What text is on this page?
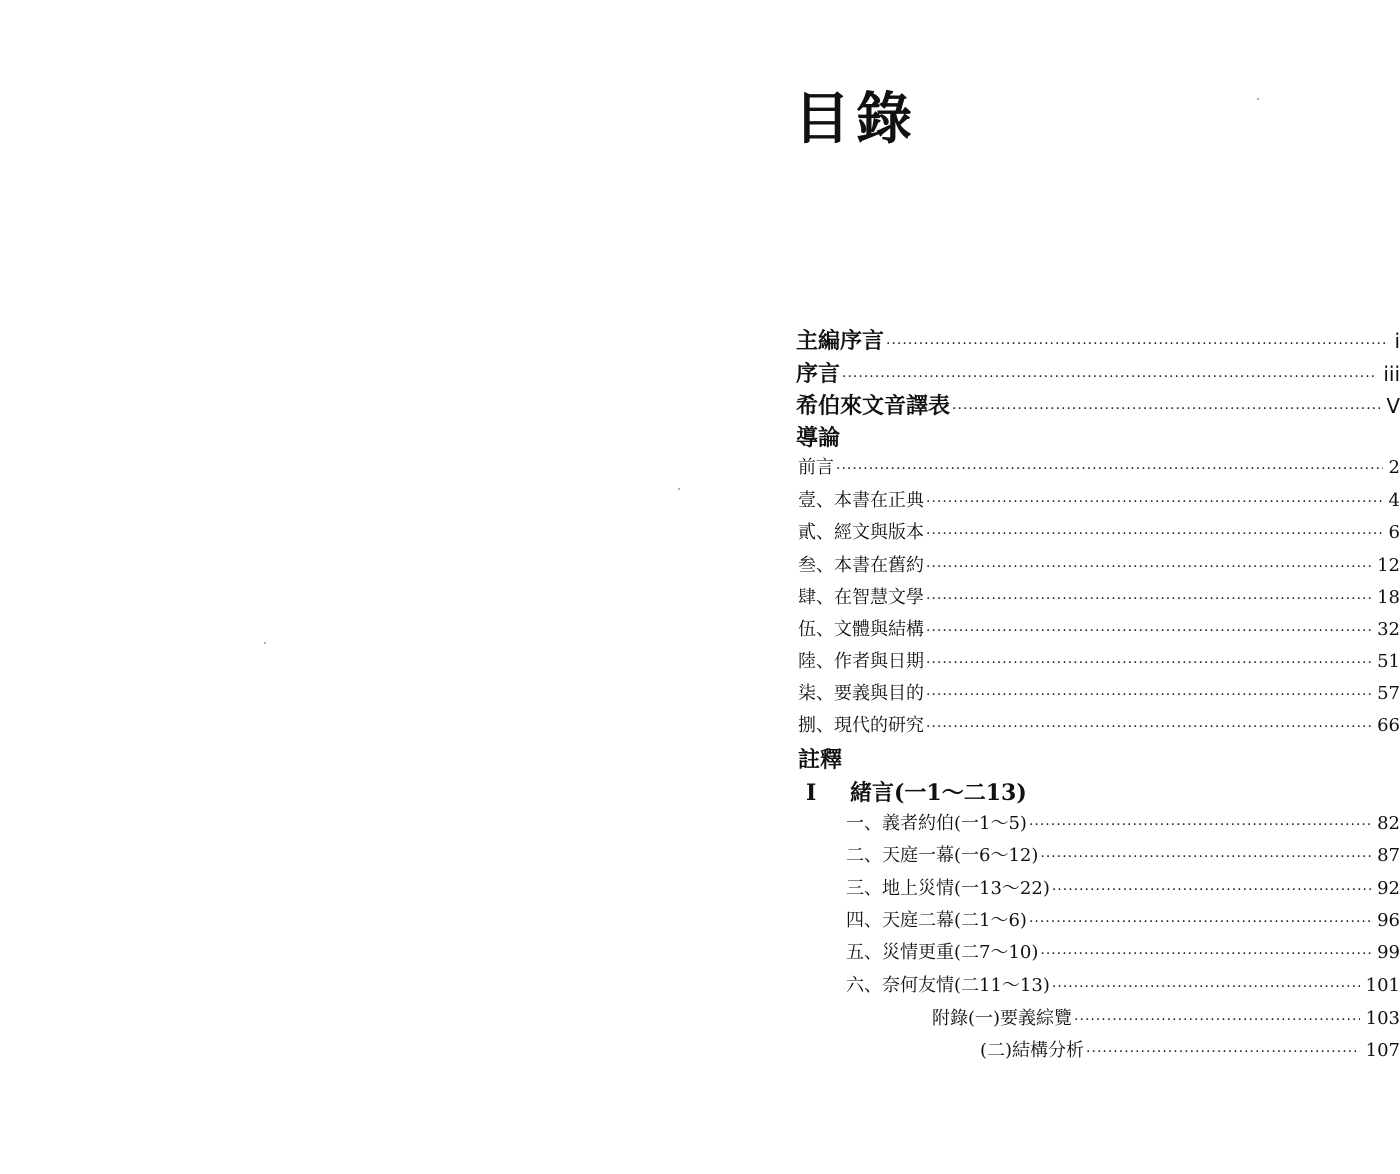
目錄
主編序言 ·····	i
序言 ·····	iii
希伯來文音譯表 ·····	V
導論
前言 ·····	2
壹、本書在正典 ·····	4
貳、經文與版本 ·····	6
叁、本書在舊約 ·····	12
肆、在智慧文學 ·····	18
伍、文體與結構 ·····	32
陸、作者與日期 ·····	51
柒、要義與目的 ·····	57
捌、現代的研究 ·····	66
註釋
I 緒言(一1～二13)
一、義者約伯(一1～5) ·····	82
二、天庭一幕(一6～12) ·····	87
三、地上災情(一13～22) ·····	92
四、天庭二幕(二1～6) ·····	96
五、災情更重(二7～10) ·····	99
六、奈何友情(二11～13) ·····	101
附錄(一)要義綜覽 ·····	103
(二)結構分析 ·····	107
